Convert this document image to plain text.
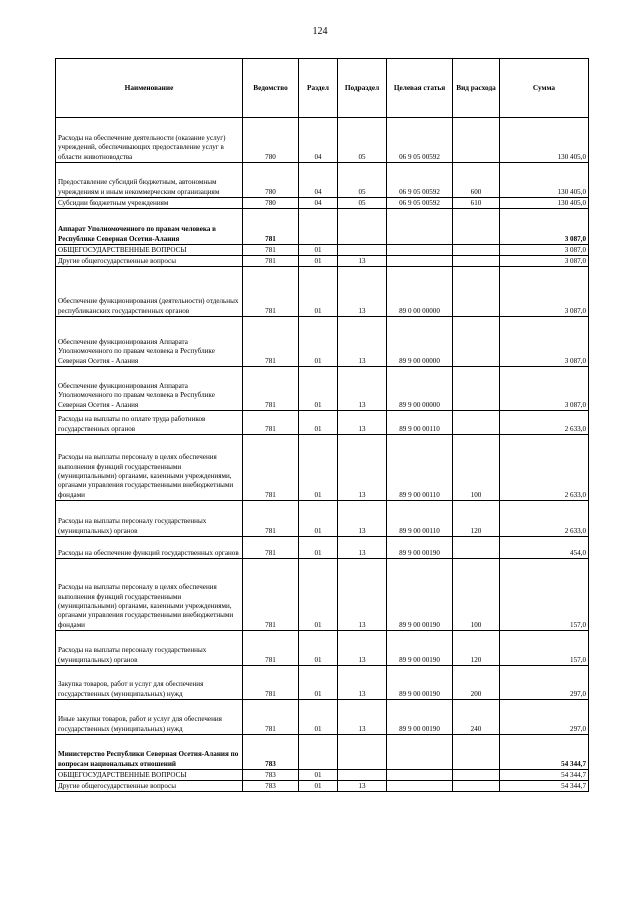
124
Наименование	Ведомство	Раздел	Подраздел	Целевая статья	Вид расхода	Сумма
Расходы на обеспечение деятельности (оказание услуг) учреждений, обеспечивающих предоставление услуг в области животноводства	780	04	05	06 9 05 00592		130 405,0
Предоставление субсидий бюджетным, автономным учреждениям и иным некоммерческим организациям	780	04	05	06 9 05 00592	600	130 405,0
Субсидии бюджетным учреждениям	780	04	05	06 9 05 00592	610	130 405,0
Аппарат Уполномоченного по правам человека в Республике Северная Осетия-Алания	781					3 087,0
ОБЩЕГОСУДАРСТВЕННЫЕ ВОПРОСЫ	781	01				3 087,0
Другие общегосударственные вопросы	781	01	13			3 087,0
Обеспечение функционирования (деятельности) отдельных республиканских государственных органов	781	01	13	89 0 00 00000		3 087,0
Обеспечение функционирования Аппарата Уполномоченного по правам человека в Республике Северная Осетия - Алания	781	01	13	89 9 00 00000		3 087,0
Обеспечение функционирования Аппарата Уполномоченного по правам человека в Республике Северная Осетия - Алания	781	01	13	89 9 00 00000		3 087,0
Расходы на выплаты по оплате труда работников государственных органов	781	01	13	89 9 00 00110		2 633,0
Расходы на выплаты персоналу в целях обеспечения выполнения функций государственными (муниципальными) органами, казенными учреждениями, органами управления государственными внебюджетными фондами	781	01	13	89 9 00 00110	100	2 633,0
Расходы на выплаты персоналу государственных (муниципальных) органов	781	01	13	89 9 00 00110	120	2 633,0
Расходы на обеспечение функций государственных органов	781	01	13	89 9 00 00190		454,0
Расходы на выплаты персоналу в целях обеспечения выполнения функций государственными (муниципальными) органами, казенными учреждениями, органами управления государственными внебюджетными фондами	781	01	13	89 9 00 00190	100	157,0
Расходы на выплаты персоналу государственных (муниципальных) органов	781	01	13	89 9 00 00190	120	157,0
Закупка товаров, работ и услуг для обеспечения государственных (муниципальных) нужд	781	01	13	89 9 00 00190	200	297,0
Иные закупки товаров, работ и услуг для обеспечения государственных (муниципальных) нужд	781	01	13	89 9 00 00190	240	297,0
Министерство Республики Северная Осетия-Алания по вопросам национальных отношений	783					54 344,7
ОБЩЕГОСУДАРСТВЕННЫЕ ВОПРОСЫ	783	01				54 344,7
Другие общегосударственные вопросы	783	01	13			54 344,7
